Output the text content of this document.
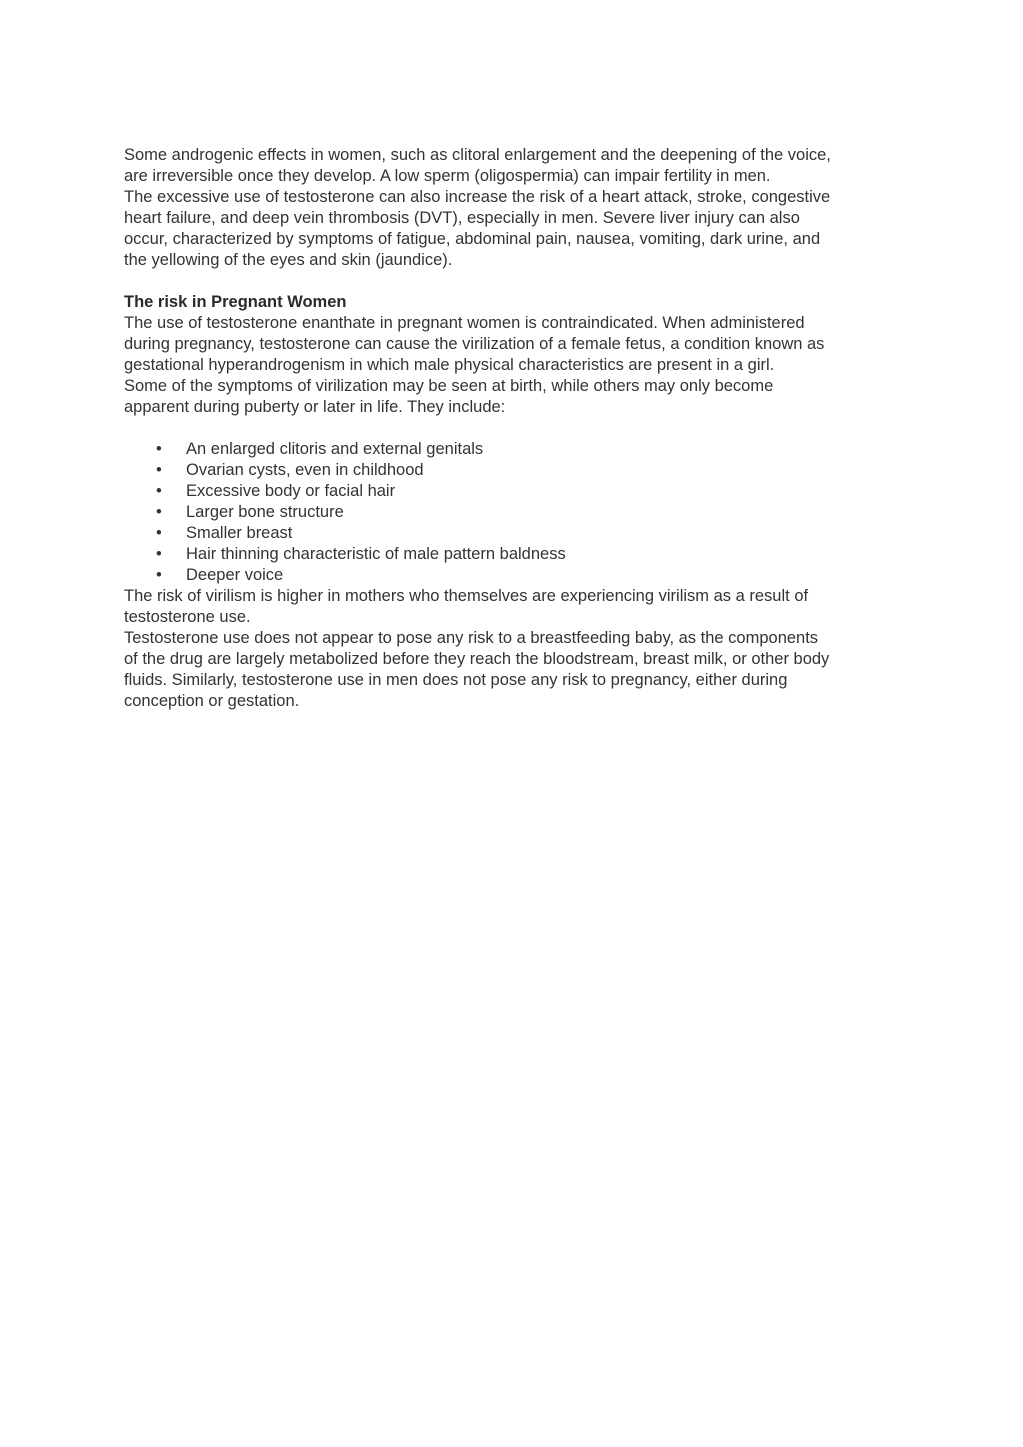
Some androgenic effects in women, such as clitoral enlargement and the deepening of the voice,
are irreversible once they develop. A low sperm (oligospermia) can impair fertility in men.
The excessive use of testosterone can also increase the risk of a heart attack, stroke, congestive
heart failure, and deep vein thrombosis (DVT), especially in men. Severe liver injury can also
occur, characterized by symptoms of fatigue, abdominal pain, nausea, vomiting, dark urine, and
the yellowing of the eyes and skin (jaundice).

The risk in Pregnant Women

The use of testosterone enanthate in pregnant women is contraindicated. When administered
during pregnancy, testosterone can cause the virilization of a female fetus, a condition known as
gestational hyperandrogenism in which male physical characteristics are present in a girl.
Some of the symptoms of virilization may be seen at birth, while others may only become
apparent during puberty or later in life. They include:

• An enlarged clitoris and external genitals
• Ovarian cysts, even in childhood
• Excessive body or facial hair
• Larger bone structure
• Smaller breast
• Hair thinning characteristic of male pattern baldness
• Deeper voice

The risk of virilism is higher in mothers who themselves are experiencing virilism as a result of
testosterone use.
Testosterone use does not appear to pose any risk to a breastfeeding baby, as the components
of the drug are largely metabolized before they reach the bloodstream, breast milk, or other body
fluids. Similarly, testosterone use in men does not pose any risk to pregnancy, either during
conception or gestation.
